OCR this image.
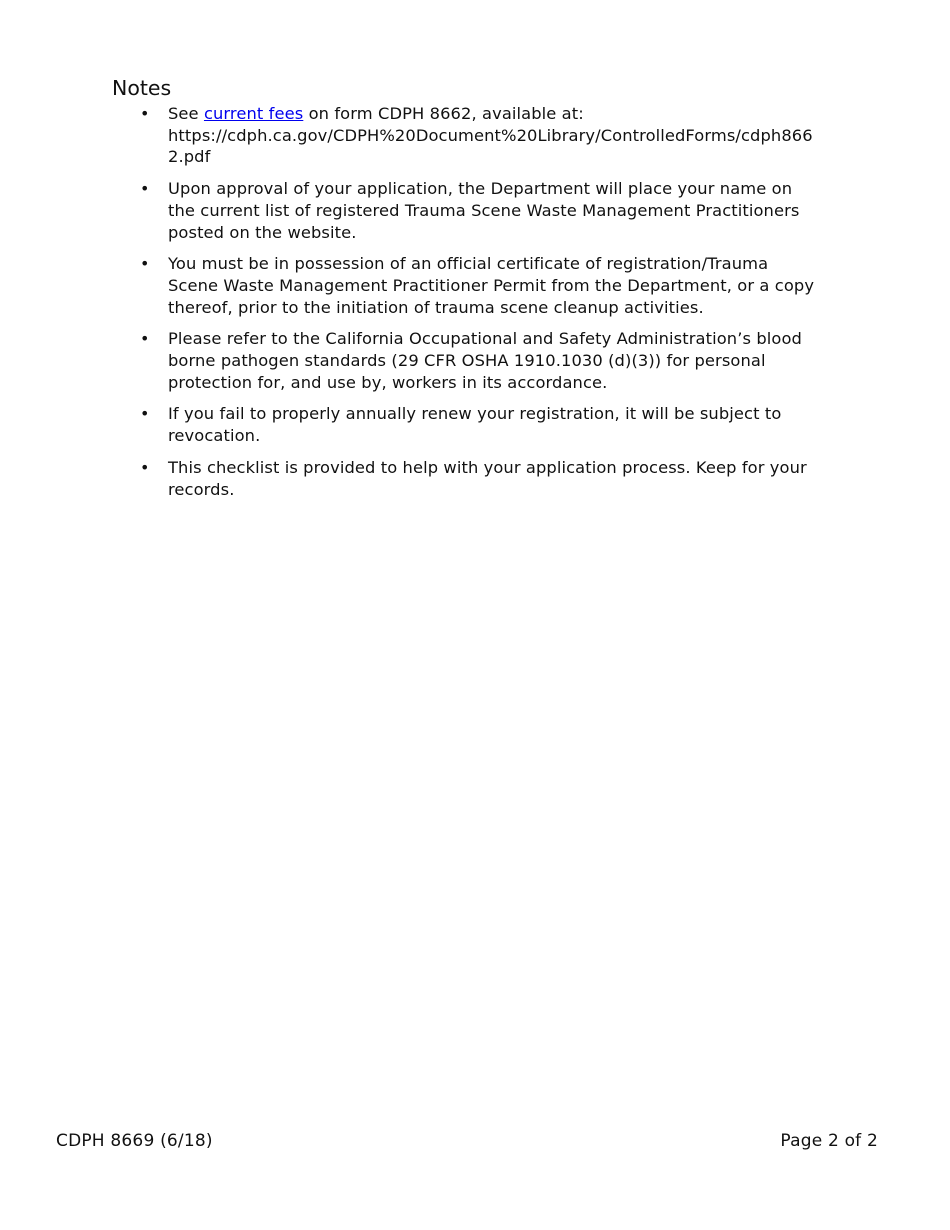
Notes
• See current fees on form CDPH 8662, available at:
https://cdph.ca.gov/CDPH%20Document%20Library/ControlledForms/cdph8662.pdf
• Upon approval of your application, the Department will place your name on the current list of registered Trauma Scene Waste Management Practitioners posted on the website.
• You must be in possession of an official certificate of registration/Trauma Scene Waste Management Practitioner Permit from the Department, or a copy thereof, prior to the initiation of trauma scene cleanup activities.
• Please refer to the California Occupational and Safety Administration’s blood borne pathogen standards (29 CFR OSHA 1910.1030 (d)(3)) for personal protection for, and use by, workers in its accordance.
• If you fail to properly annually renew your registration, it will be subject to revocation.
• This checklist is provided to help with your application process. Keep for your records.
CDPH 8669 (6/18)	Page 2 of 2
